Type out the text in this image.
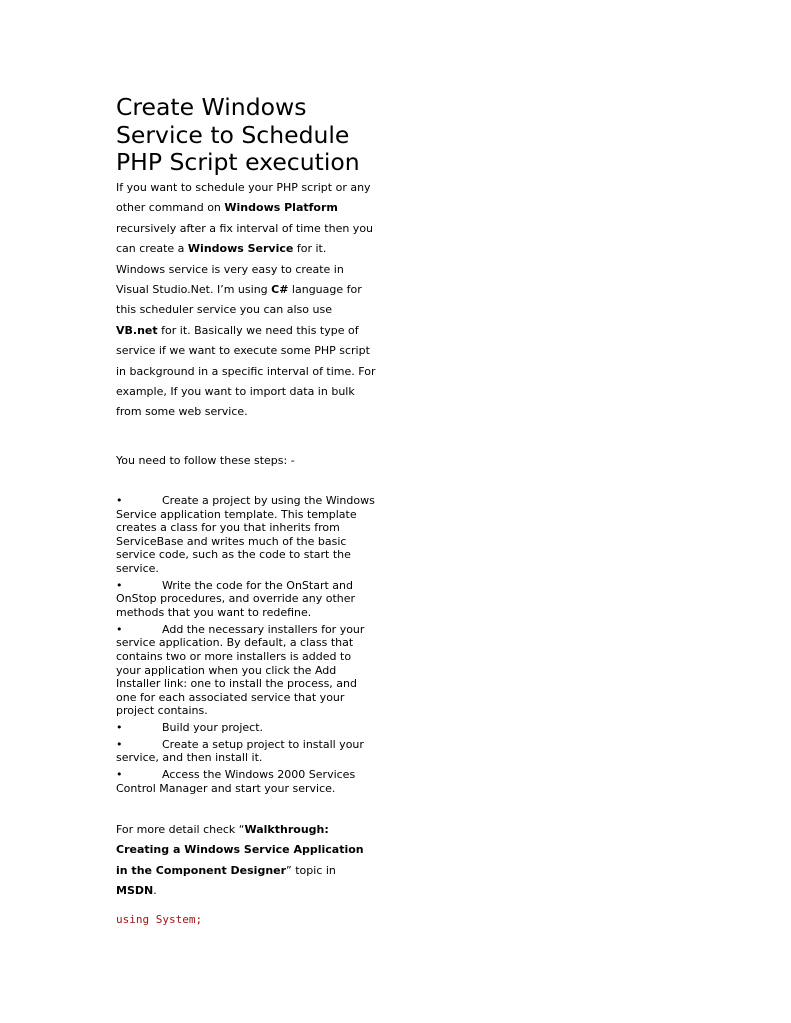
Create Windows Service to Schedule PHP Script execution

If you want to schedule your PHP script or any other command on Windows Platform recursively after a fix interval of time then you can create a Windows Service for it. Windows service is very easy to create in Visual Studio.Net. I’m using C# language for this scheduler service you can also use VB.net for it. Basically we need this type of service if we want to execute some PHP script in background in a specific interval of time. For example, If you want to import data in bulk from some web service.

You need to follow these steps: -

•	Create a project by using the Windows Service application template. This template creates a class for you that inherits from ServiceBase and writes much of the basic service code, such as the code to start the service.
•	Write the code for the OnStart and OnStop procedures, and override any other methods that you want to redefine.
•	Add the necessary installers for your service application. By default, a class that contains two or more installers is added to your application when you click the Add Installer link: one to install the process, and one for each associated service that your project contains.
•	Build your project.
•	Create a setup project to install your service, and then install it.
•	Access the Windows 2000 Services Control Manager and start your service.

For more detail check “Walkthrough: Creating a Windows Service Application in the Component Designer” topic in MSDN.

using System;
